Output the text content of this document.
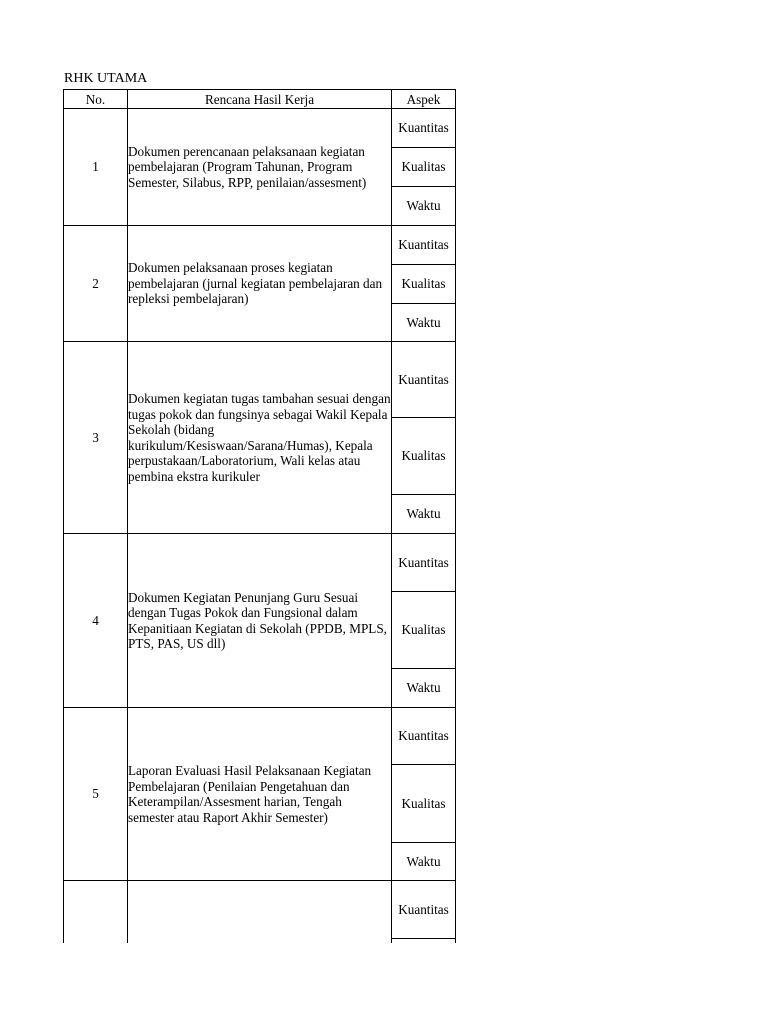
RHK UTAMA
No.	Rencana Hasil Kerja	Aspek
1	Dokumen perencanaan pelaksanaan kegiatan pembelajaran (Program Tahunan, Program Semester, Silabus, RPP, penilaian/assesment)	Kuantitas
		Kualitas
		Waktu
2	Dokumen pelaksanaan proses kegiatan pembelajaran (jurnal kegiatan pembelajaran dan repleksi pembelajaran)	Kuantitas
		Kualitas
		Waktu
3	Dokumen kegiatan tugas tambahan sesuai dengan tugas pokok dan fungsinya sebagai Wakil Kepala Sekolah (bidang kurikulum/Kesiswaan/Sarana/Humas), Kepala perpustakaan/Laboratorium, Wali kelas atau pembina ekstra kurikuler	Kuantitas
		Kualitas
		Waktu
4	Dokumen Kegiatan Penunjang Guru Sesuai dengan Tugas Pokok dan Fungsional dalam Kepanitiaan Kegiatan di Sekolah (PPDB, MPLS, PTS, PAS, US dll)	Kuantitas
		Kualitas
		Waktu
5	Laporan Evaluasi Hasil Pelaksanaan Kegiatan Pembelajaran (Penilaian Pengetahuan dan Keterampilan/Assesment harian, Tengah semester atau Raport Akhir Semester)	Kuantitas
		Kualitas
		Waktu
		Kuantitas
